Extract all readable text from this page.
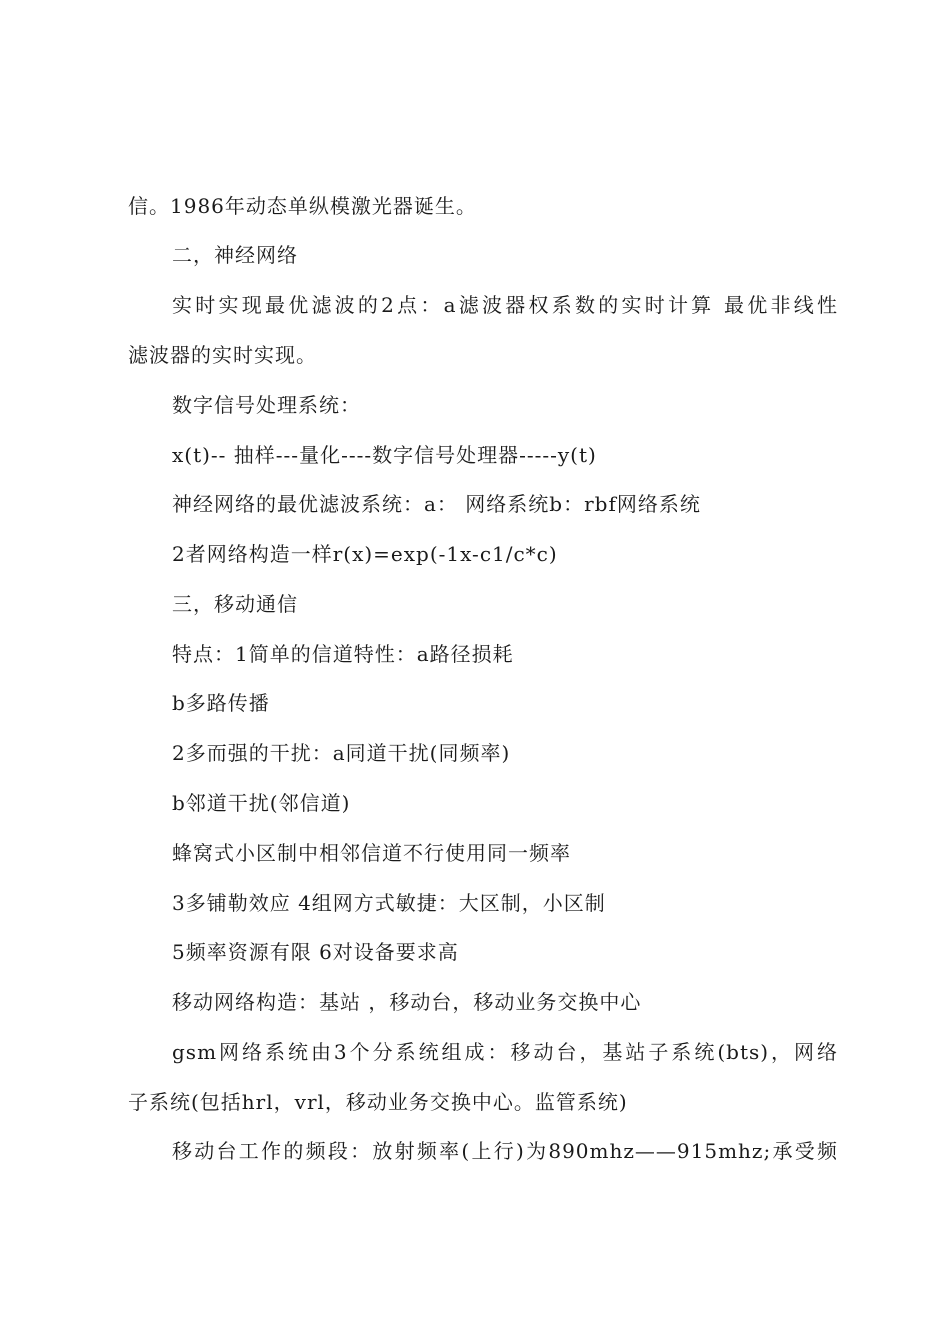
信。1986年动态单纵模激光器诞生。
二，神经网络
实时实现最优滤波的2点：a滤波器权系数的实时计算 最优非线性
滤波器的实时实现。
数字信号处理系统：
x(t)-- 抽样---量化----数字信号处理器-----y(t)
神经网络的最优滤波系统：a： 网络系统b：rbf网络系统
2者网络构造一样r(x)=exp(-1x-c1/c*c)
三，移动通信
特点：1简单的信道特性：a路径损耗
b多路传播
2多而强的干扰：a同道干扰(同频率)
b邻道干扰(邻信道)
蜂窝式小区制中相邻信道不行使用同一频率
3多铺勒效应 4组网方式敏捷：大区制，小区制
5频率资源有限 6对设备要求高
移动网络构造：基站 ，移动台，移动业务交换中心
gsm网络系统由3个分系统组成：移动台，基站子系统(bts)，网络
子系统(包括hrl，vrl，移动业务交换中心。监管系统)
移动台工作的频段：放射频率(上行)为890mhz——915mhz;承受频
